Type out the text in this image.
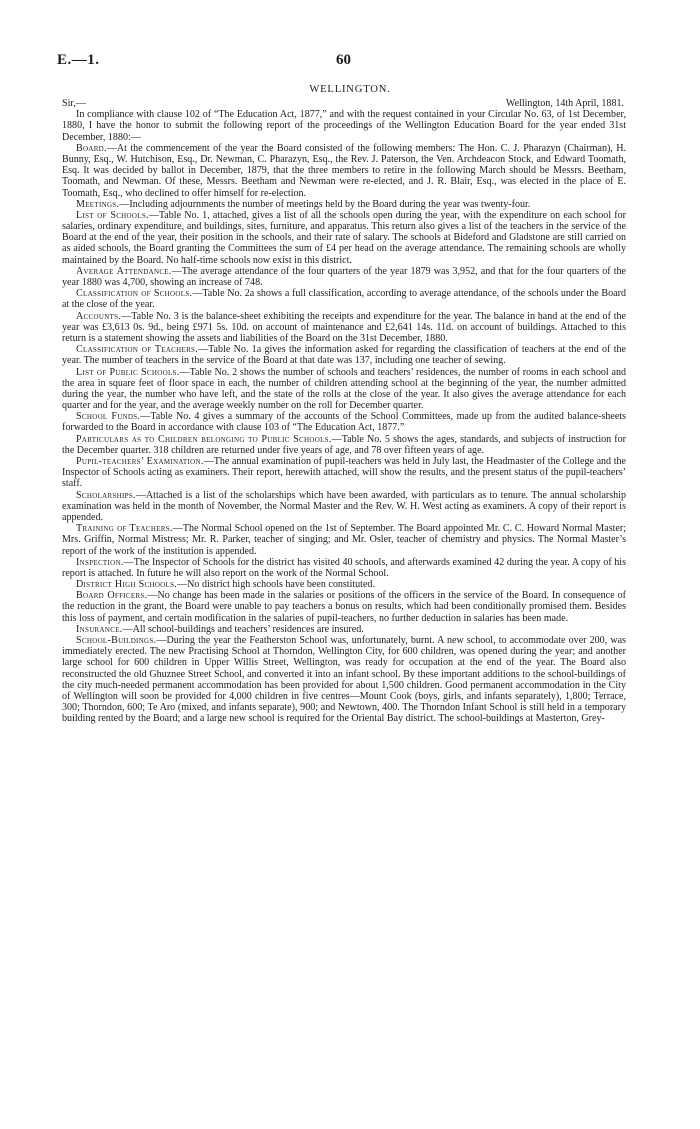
E.—1.	60
WELLINGTON.
Sir,—	Wellington, 14th April, 1881.

In compliance with clause 102 of “The Education Act, 1877,” and with the request contained in your Circular No. 63, of 1st December, 1880, I have the honor to submit the following report of the proceedings of the Wellington Education Board for the year ended 31st December, 1880:—

Board.—At the commencement of the year the Board consisted of the following members: The Hon. C. J. Pharazyn (Chairman), H. Bunny, Esq., W. Hutchison, Esq., Dr. Newman, C. Pharazyn, Esq., the Rev. J. Paterson, the Ven. Archdeacon Stock, and Edward Toomath, Esq. It was decided by ballot in December, 1879, that the three members to retire in the following March should be Messrs. Beetham, Toomath, and Newman. Of these, Messrs. Beetham and Newman were re-elected, and J. R. Blair, Esq., was elected in the place of E. Toomath, Esq., who declined to offer himself for re-election.

Meetings.—Including adjournments the number of meetings held by the Board during the year was twenty-four.

List of Schools.—Table No. 1, attached, gives a list of all the schools open during the year, with the expenditure on each school for salaries, ordinary expenditure, and buildings, sites, furniture, and apparatus. This return also gives a list of the teachers in the service of the Board at the end of the year, their position in the schools, and their rate of salary. The schools at Bideford and Gladstone are still carried on as aided schools, the Board granting the Committees the sum of £4 per head on the average attendance. The remaining schools are wholly maintained by the Board. No half-time schools now exist in this district.

Average Attendance.—The average attendance of the four quarters of the year 1879 was 3,952, and that for the four quarters of the year 1880 was 4,700, showing an increase of 748.

Classification of Schools.—Table No. 2a shows a full classification, according to average attendance, of the schools under the Board at the close of the year.

Accounts.—Table No. 3 is the balance-sheet exhibiting the receipts and expenditure for the year. The balance in hand at the end of the year was £3,613 0s. 9d., being £971 5s. 10d. on account of maintenance and £2,641 14s. 11d. on account of buildings. Attached to this return is a statement showing the assets and liabilities of the Board on the 31st December, 1880.

Classification of Teachers.—Table No. 1a gives the information asked for regarding the classification of teachers at the end of the year. The number of teachers in the service of the Board at that date was 137, including one teacher of sewing.

List of Public Schools.—Table No. 2 shows the number of schools and teachers’ residences, the number of rooms in each school and the area in square feet of floor space in each, the number of children attending school at the beginning of the year, the number admitted during the year, the number who have left, and the state of the rolls at the close of the year. It also gives the average attendance for each quarter and for the year, and the average weekly number on the roll for December quarter.

School Funds.—Table No. 4 gives a summary of the accounts of the School Committees, made up from the audited balance-sheets forwarded to the Board in accordance with clause 103 of “The Education Act, 1877.”

Particulars as to Children belonging to Public Schools.—Table No. 5 shows the ages, standards, and subjects of instruction for the December quarter. 318 children are returned under five years of age, and 78 over fifteen years of age.

Pupil-teachers’ Examination.—The annual examination of pupil-teachers was held in July last, the Headmaster of the College and the Inspector of Schools acting as examiners. Their report, herewith attached, will show the results, and the present status of the pupil-teachers’ staff.

Scholarships.—Attached is a list of the scholarships which have been awarded, with particulars as to tenure. The annual scholarship examination was held in the month of November, the Normal Master and the Rev. W. H. West acting as examiners. A copy of their report is appended.

Training of Teachers.—The Normal School opened on the 1st of September. The Board appointed Mr. C. C. Howard Normal Master; Mrs. Griffin, Normal Mistress; Mr. R. Parker, teacher of singing; and Mr. Osler, teacher of chemistry and physics. The Normal Master’s report of the work of the institution is appended.

Inspection.—The Inspector of Schools for the district has visited 40 schools, and afterwards examined 42 during the year. A copy of his report is attached. In future he will also report on the work of the Normal School.

District High Schools.—No district high schools have been constituted.

Board Officers.—No change has been made in the salaries or positions of the officers in the service of the Board. In consequence of the reduction in the grant, the Board were unable to pay teachers a bonus on results, which had been conditionally promised them. Besides this loss of payment, and certain modification in the salaries of pupil-teachers, no further deduction in salaries has been made.

Insurance.—All school-buildings and teachers’ residences are insured.

School-Buildings.—During the year the Featherston School was, unfortunately, burnt. A new school, to accommodate over 200, was immediately erected. The new Practising School at Thorndon, Wellington City, for 600 children, was opened during the year; and another large school for 600 children in Upper Willis Street, Wellington, was ready for occupation at the end of the year. The Board also reconstructed the old Ghuznee Street School, and converted it into an infant school. By these important additions to the school-buildings of the city much-needed permanent accommodation has been provided for about 1,500 children. Good permanent accommodation in the City of Wellington will soon be provided for 4,000 children in five centres—Mount Cook (boys, girls, and infants separately), 1,800; Terrace, 300; Thorndon, 600; Te Aro (mixed, and infants separate), 900; and Newtown, 400. The Thorndon Infant School is still held in a temporary building rented by the Board; and a large new school is required for the Oriental Bay district. The school-buildings at Masterton, Grey-
